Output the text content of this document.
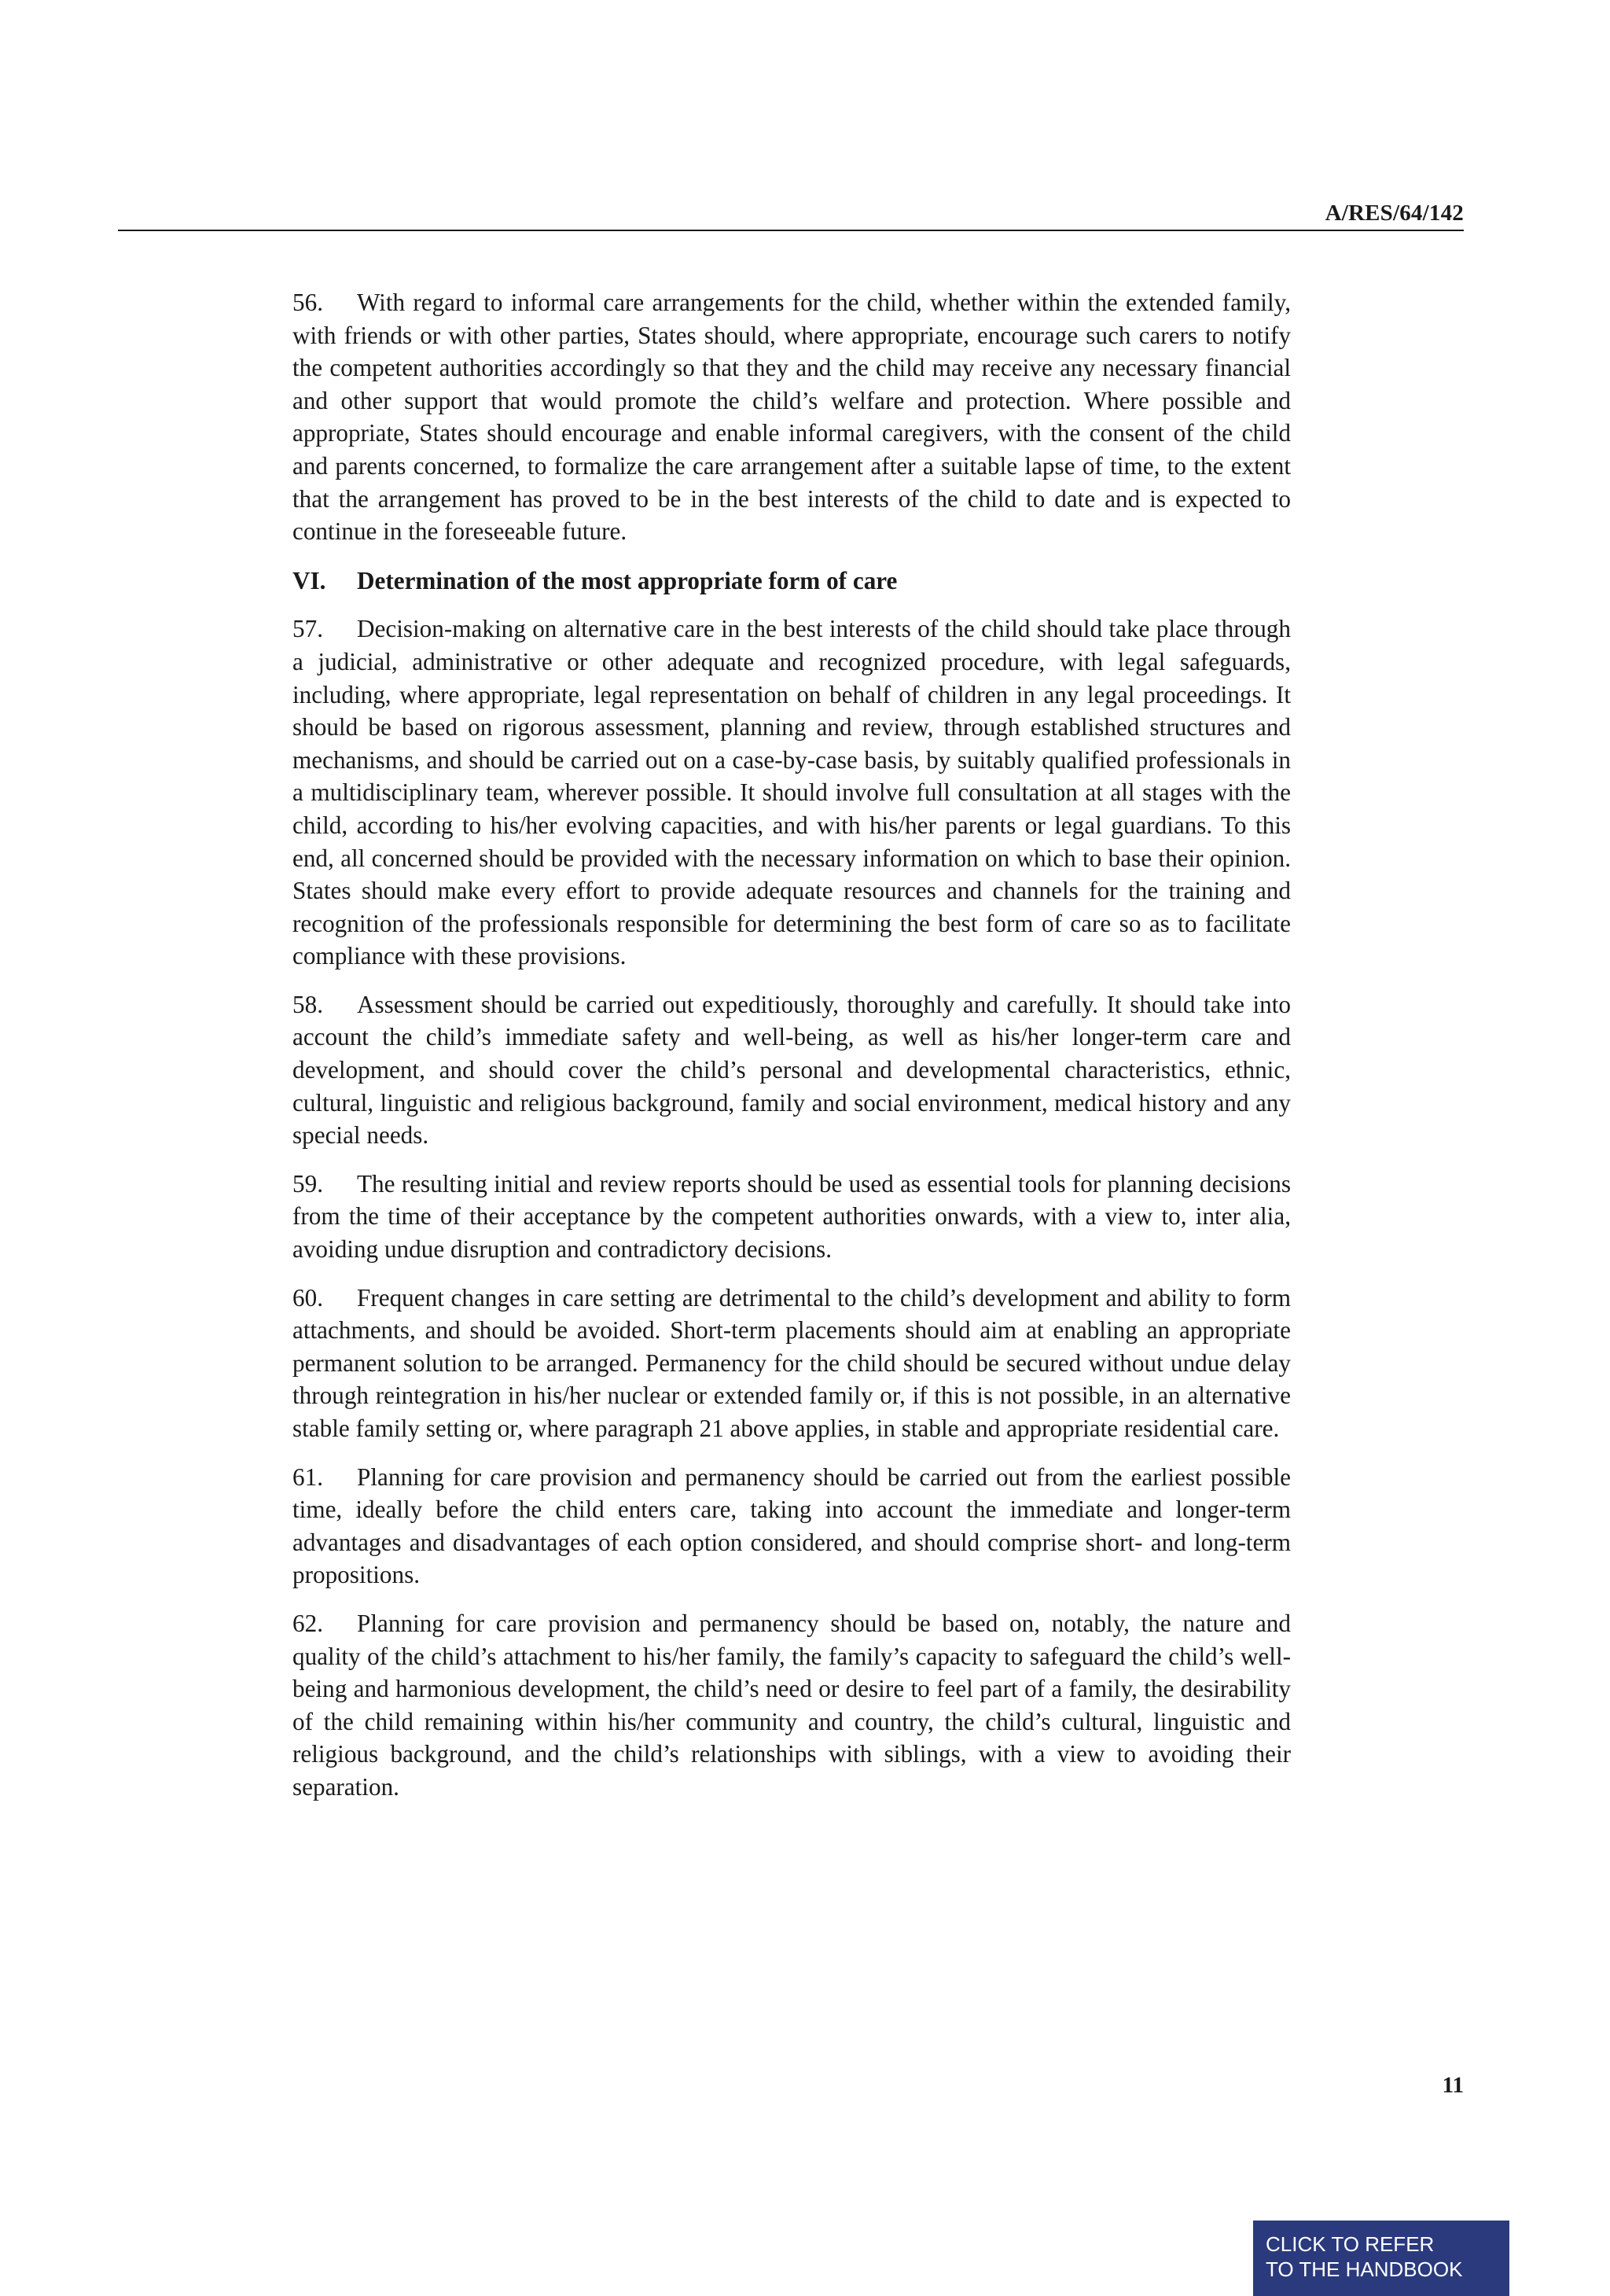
A/RES/64/142

56. With regard to informal care arrangements for the child, whether within the extended family, with friends or with other parties, States should, where appropriate, encourage such carers to notify the competent authorities accordingly so that they and the child may receive any necessary financial and other support that would promote the child’s welfare and protection. Where possible and appropriate, States should encourage and enable informal caregivers, with the consent of the child and parents concerned, to formalize the care arrangement after a suitable lapse of time, to the extent that the arrangement has proved to be in the best interests of the child to date and is expected to continue in the foreseeable future.

VI. Determination of the most appropriate form of care

57. Decision-making on alternative care in the best interests of the child should take place through a judicial, administrative or other adequate and recognized procedure, with legal safeguards, including, where appropriate, legal representation on behalf of children in any legal proceedings. It should be based on rigorous assessment, planning and review, through established structures and mechanisms, and should be carried out on a case-by-case basis, by suitably qualified professionals in a multidisciplinary team, wherever possible. It should involve full consultation at all stages with the child, according to his/her evolving capacities, and with his/her parents or legal guardians. To this end, all concerned should be provided with the necessary information on which to base their opinion. States should make every effort to provide adequate resources and channels for the training and recognition of the professionals responsible for determining the best form of care so as to facilitate compliance with these provisions.

58. Assessment should be carried out expeditiously, thoroughly and carefully. It should take into account the child’s immediate safety and well-being, as well as his/her longer-term care and development, and should cover the child’s personal and developmental characteristics, ethnic, cultural, linguistic and religious background, family and social environment, medical history and any special needs.

59. The resulting initial and review reports should be used as essential tools for planning decisions from the time of their acceptance by the competent authorities onwards, with a view to, inter alia, avoiding undue disruption and contradictory decisions.

60. Frequent changes in care setting are detrimental to the child’s development and ability to form attachments, and should be avoided. Short-term placements should aim at enabling an appropriate permanent solution to be arranged. Permanency for the child should be secured without undue delay through reintegration in his/her nuclear or extended family or, if this is not possible, in an alternative stable family setting or, where paragraph 21 above applies, in stable and appropriate residential care.

61. Planning for care provision and permanency should be carried out from the earliest possible time, ideally before the child enters care, taking into account the immediate and longer-term advantages and disadvantages of each option considered, and should comprise short- and long-term propositions.

62. Planning for care provision and permanency should be based on, notably, the nature and quality of the child’s attachment to his/her family, the family’s capacity to safeguard the child’s well-being and harmonious development, the child’s need or desire to feel part of a family, the desirability of the child remaining within his/her community and country, the child’s cultural, linguistic and religious background, and the child’s relationships with siblings, with a view to avoiding their separation.

11
CLICK TO REFER
TO THE HANDBOOK
